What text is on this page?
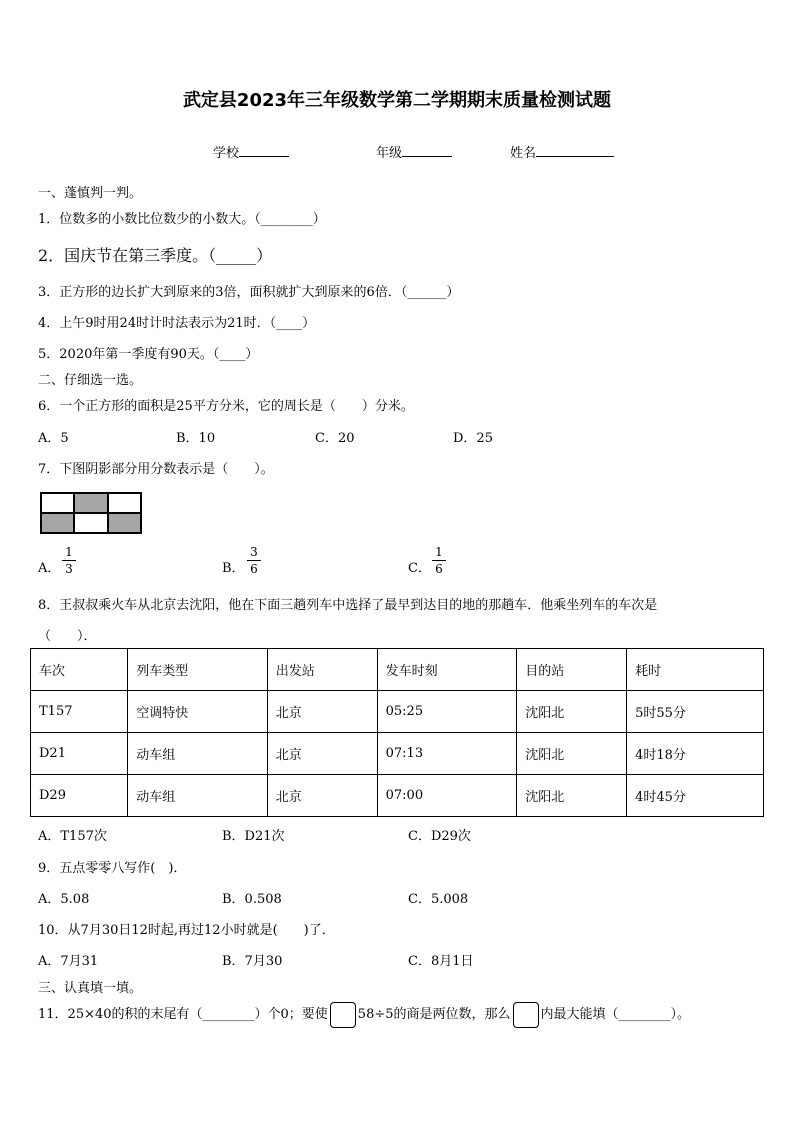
武定县2023年三年级数学第二学期期末质量检测试题
学校	年级	姓名
一、蓬慎判一判。
1．位数多的小数比位数少的小数大。（________）
2．国庆节在第三季度。（_____）
3．正方形的边长扩大到原来的3倍，面积就扩大到原来的6倍．（______）
4．上午9时用24时计时法表示为21时．（____）
5．2020年第一季度有90天。（____）
二、仔细选一选。
6．一个正方形的面积是25平方分米，它的周长是（　　）分米。
A．5	B．10	C．20	D．25
7．下图阴影部分用分数表示是（　　）。
A． $\frac{1}{3}$	B． $\frac{3}{6}$	C． $\frac{1}{6}$
8．王叔叔乘火车从北京去沈阳，他在下面三趟列车中选择了最早到达目的地的那趟车．他乘坐列车的车次是
（　　）．
车次	列车类型	出发站	发车时刻	目的站	耗时
T157	空调特快	北京	05:25	沈阳北	5时55分
D21	动车组	北京	07:13	沈阳北	4时18分
D29	动车组	北京	07:00	沈阳北	4时45分
A．T157次	B．D21次	C．D29次
9．五点零零八写作(　)．
A．5.08	B．0.508	C．5.008
10．从7月30日12时起,再过12小时就是(　　)了．
A．7月31	B．7月30	C．8月1日
三、认真填一填。
11．25×40的积的末尾有（________）个0；要使 58÷5的商是两位数，那么 内最大能填（________）。
